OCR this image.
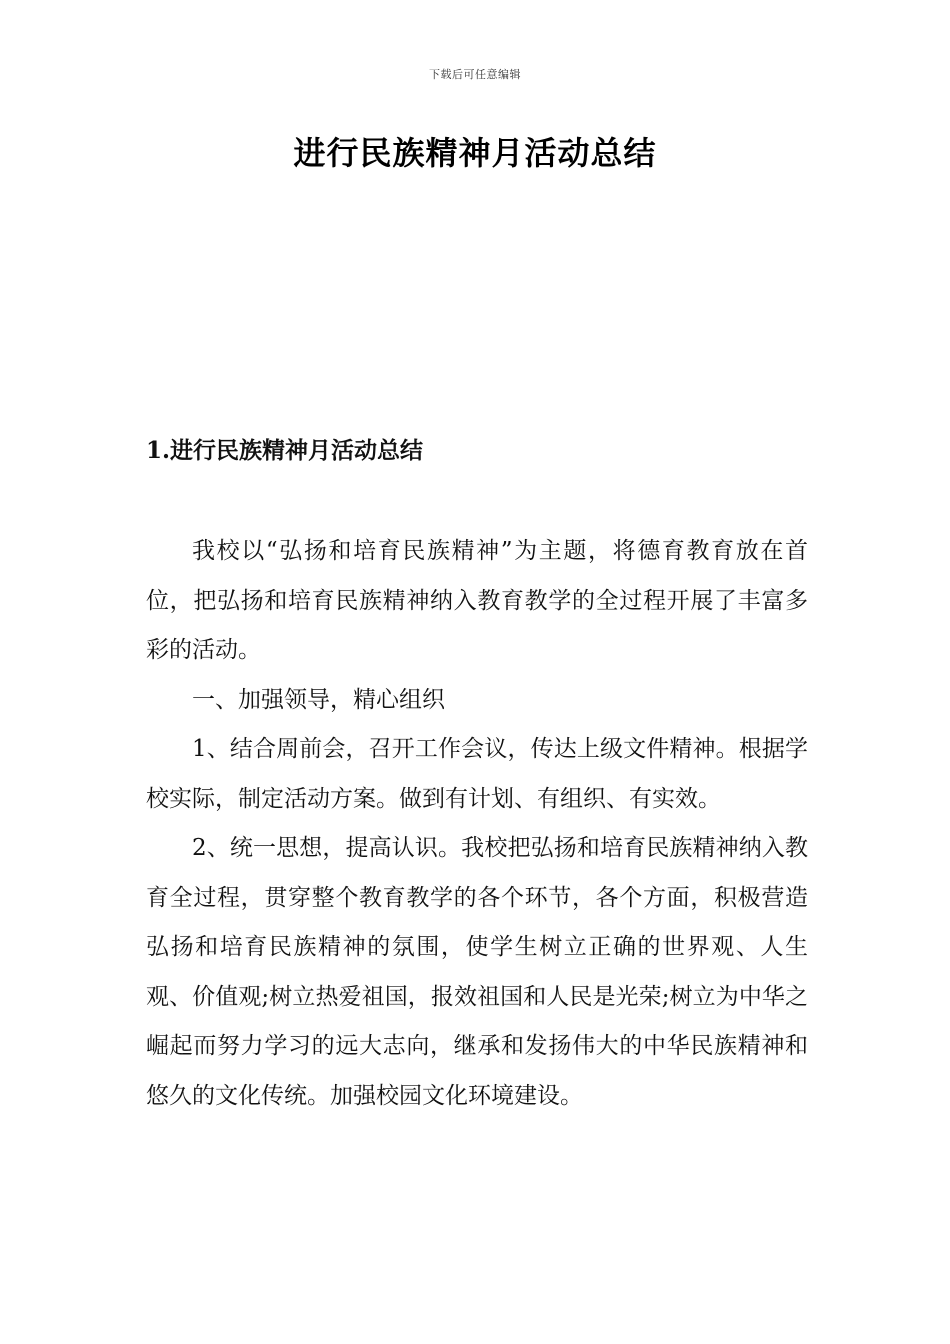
下载后可任意编辑
进行民族精神月活动总结
1.进行民族精神月活动总结

我校以“弘扬和培育民族精神”为主题，将德育教育放在首位，把弘扬和培育民族精神纳入教育教学的全过程开展了丰富多彩的活动。

一、加强领导，精心组织

1、结合周前会，召开工作会议，传达上级文件精神。根据学校实际，制定活动方案。做到有计划、有组织、有实效。

2、统一思想，提高认识。我校把弘扬和培育民族精神纳入教育全过程，贯穿整个教育教学的各个环节，各个方面，积极营造弘扬和培育民族精神的氛围，使学生树立正确的世界观、人生观、价值观;树立热爱祖国，报效祖国和人民是光荣;树立为中华之崛起而努力学习的远大志向，继承和发扬伟大的中华民族精神和悠久的文化传统。加强校园文化环境建设。
